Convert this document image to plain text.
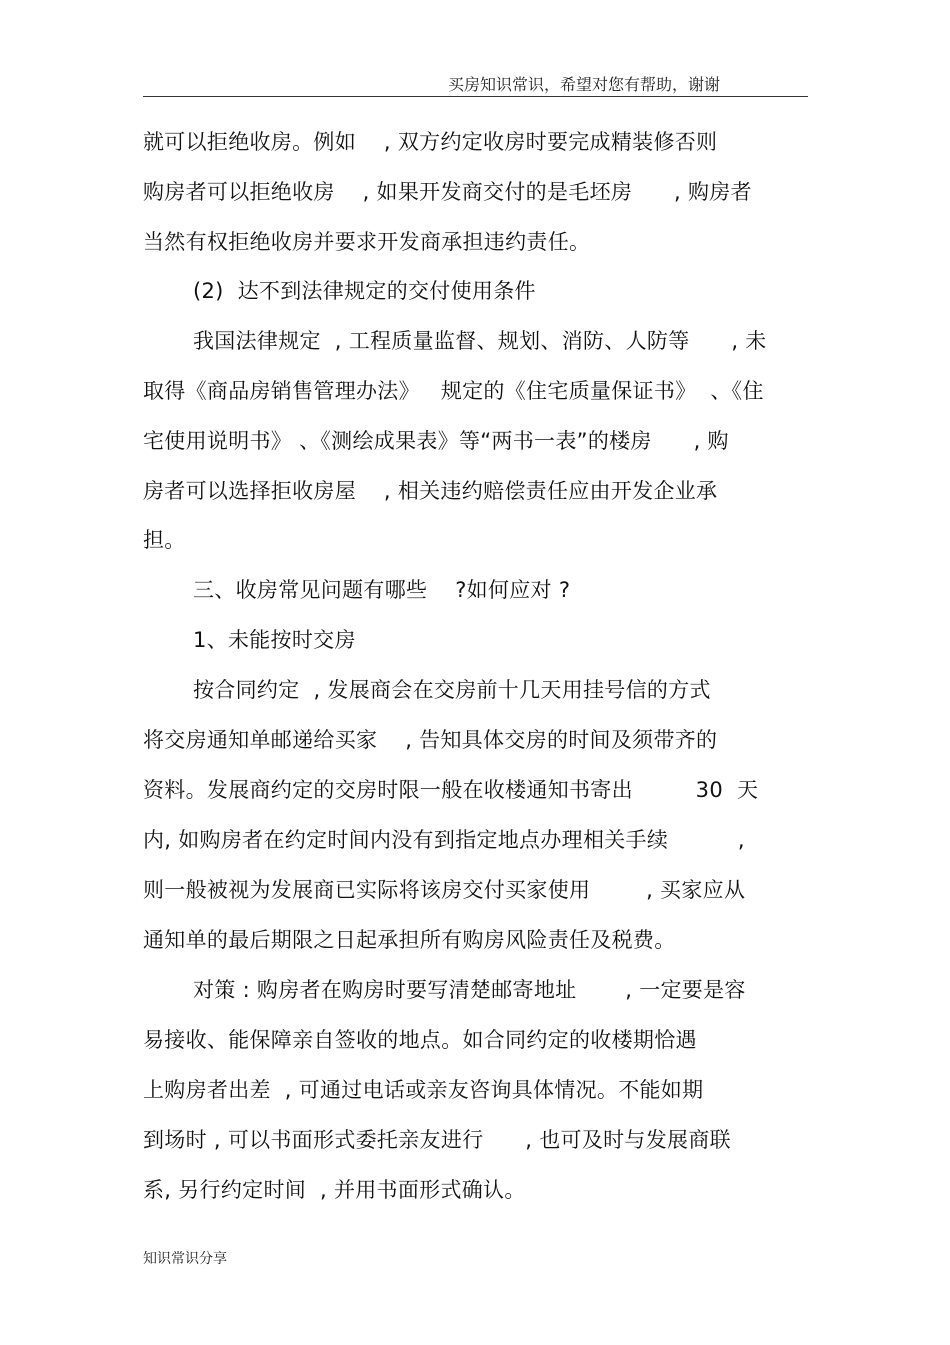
买房知识常识，希望对您有帮助，谢谢
就可以拒绝收房。例如    , 双方约定收房时要完成精装修否则
购房者可以拒绝收房    , 如果开发商交付的是毛坯房      , 购房者
当然有权拒绝收房并要求开发商承担违约责任。
(2)  达不到法律规定的交付使用条件
我国法律规定  , 工程质量监督、规划、消防、人防等      , 未
取得《商品房销售管理办法》   规定的《住宅质量保证书》  、《住
宅使用说明书》 、《测绘成果表》等“两书一表”的楼房      , 购
房者可以选择拒收房屋    , 相关违约赔偿责任应由开发企业承
担。
三、收房常见问题有哪些    ?如何应对 ?
1、未能按时交房
按合同约定  , 发展商会在交房前十几天用挂号信的方式
将交房通知单邮递给买家    , 告知具体交房的时间及须带齐的
资料。发展商约定的交房时限一般在收楼通知书寄出         30  天
内, 如购房者在约定时间内没有到指定地点办理相关手续          ,
则一般被视为发展商已实际将该房交付买家使用        , 买家应从
通知单的最后期限之日起承担所有购房风险责任及税费。
对策 : 购房者在购房时要写清楚邮寄地址       , 一定要是容
易接收、能保障亲自签收的地点。如合同约定的收楼期恰遇
上购房者出差  , 可通过电话或亲友咨询具体情况。不能如期
到场时 , 可以书面形式委托亲友进行      , 也可及时与发展商联
系, 另行约定时间  , 并用书面形式确认。
知识常识分享
